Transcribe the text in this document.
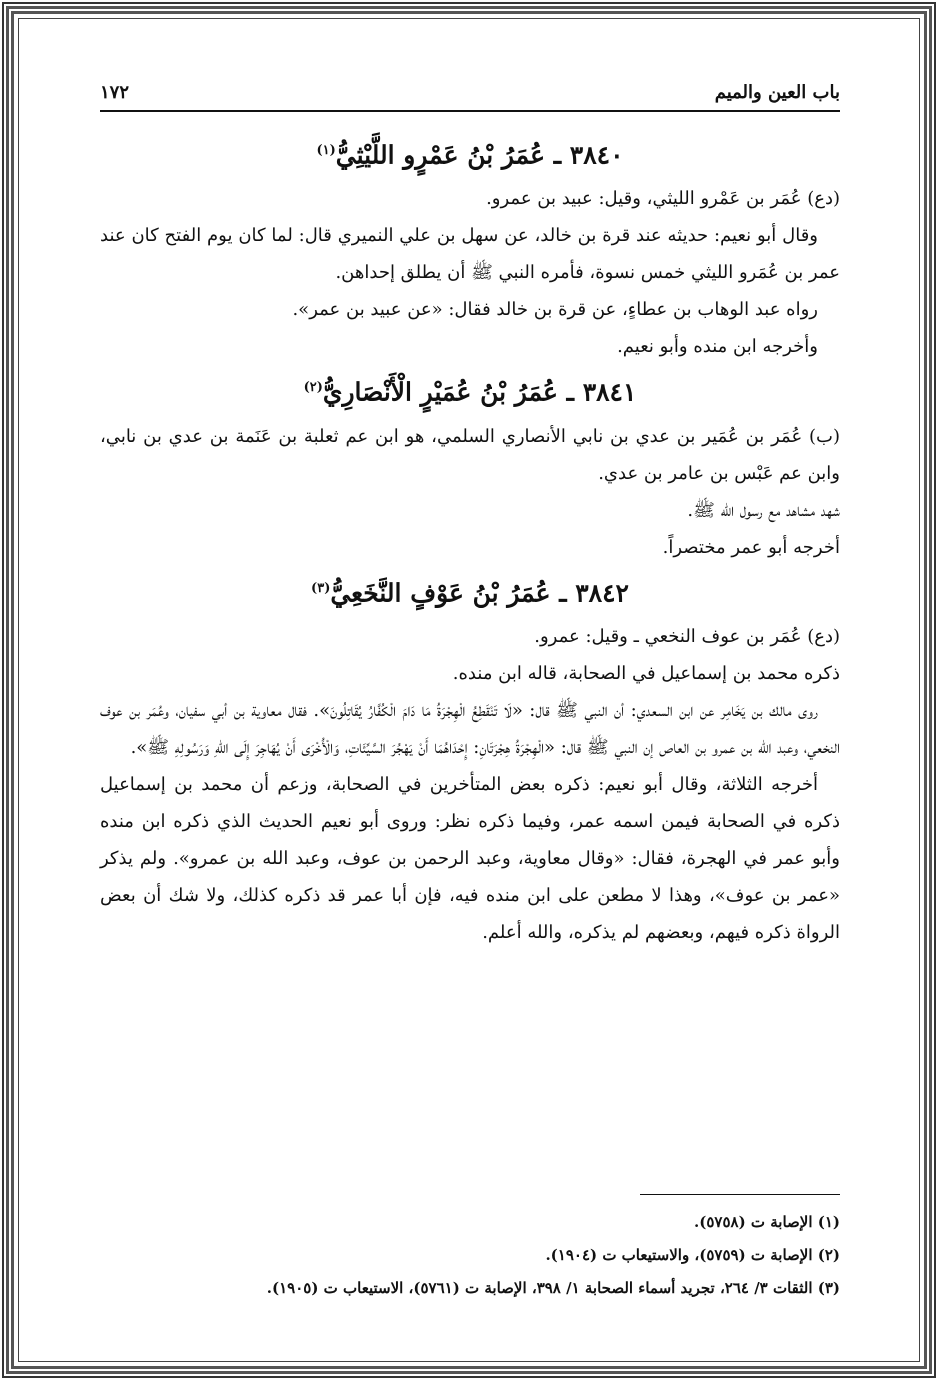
باب العين والميم
١٧٢
٣٨٤٠ ـ عُمَرُ بْنُ عَمْرٍو اللَّيْثِيُّ$^{(١)}$

(دع) عُمَر بن عَمْرو الليثي، وقيل: عبيد بن عمرو.

وقال أبو نعيم: حديثه عند قرة بن خالد، عن سهل بن علي النميري قال: لما كان يوم الفتح كان عند عمر بن عُمَرو الليثي خمس نسوة، فأمره النبي ﷺ أن يطلق إحداهن.

رواه عبد الوهاب بن عطاءٍ، عن قرة بن خالد فقال: «عن عبيد بن عمر».

وأخرجه ابن منده وأبو نعيم.

٣٨٤١ ـ عُمَرُ بْنُ عُمَيْرٍ الْأَنْصَارِيُّ$^{(٢)}$

(ب) عُمَر بن عُمَير بن عدي بن نابي الأنصاري السلمي، هو ابن عم ثعلبة بن عَنَمة بن عدي بن نابي، وابن عم عَبْس بن عامر بن عدي.

شهد مشاهد مع رسول الله ﷺ.

أخرجه أبو عمر مختصراً.

٣٨٤٢ ـ عُمَرُ بْنُ عَوْفٍ النَّخَعِيُّ$^{(٣)}$

(دع) عُمَر بن عوف النخعي ـ وقيل: عمرو.

ذكره محمد بن إسماعيل في الصحابة، قاله ابن منده.

روى مالك بن يَخَامِر عن ابن السعدي: أن النبي ﷺ قال: «لَا تَنْقَطِعُ الْهِجْرَةُ مَا دَامَ الْكُفَّارُ يُقَاتِلُونَ». فقال معاوية بن أبي سفيان، وعُمَر بن عوف النخعي، وعبد الله بن عمرو بن العاص إن النبي ﷺ قال: «الْهِجْرَةُ هِجْرَتَانِ: إِحْدَاهُمَا أَنْ يَهْجُرَ السَّيِّئَاتِ، وَالْأُخْرَى أَنْ يُهَاجِرَ إِلَى اللهِ وَرَسُولِهِ ﷺ».

أخرجه الثلاثة، وقال أبو نعيم: ذكره بعض المتأخرين في الصحابة، وزعم أن محمد بن إسماعيل ذكره في الصحابة فيمن اسمه عمر، وفيما ذكره نظر: وروى أبو نعيم الحديث الذي ذكره ابن منده وأبو عمر في الهجرة، فقال: «وقال معاوية، وعبد الرحمن بن عوف، وعبد الله بن عمرو». ولم يذكر «عمر بن عوف»، وهذا لا مطعن على ابن منده فيه، فإن أبا عمر قد ذكره كذلك، ولا شك أن بعض الرواة ذكره فيهم، وبعضهم لم يذكره، والله أعلم.

(١) الإصابة ت (٥٧٥٨).

(٢) الإصابة ت (٥٧٥٩)، والاستيعاب ت (١٩٠٤).

(٣) الثقات ٣/ ٢٦٤، تجريد أسماء الصحابة ١/ ٣٩٨، الإصابة ت (٥٧٦١)، الاستيعاب ت (١٩٠٥).
